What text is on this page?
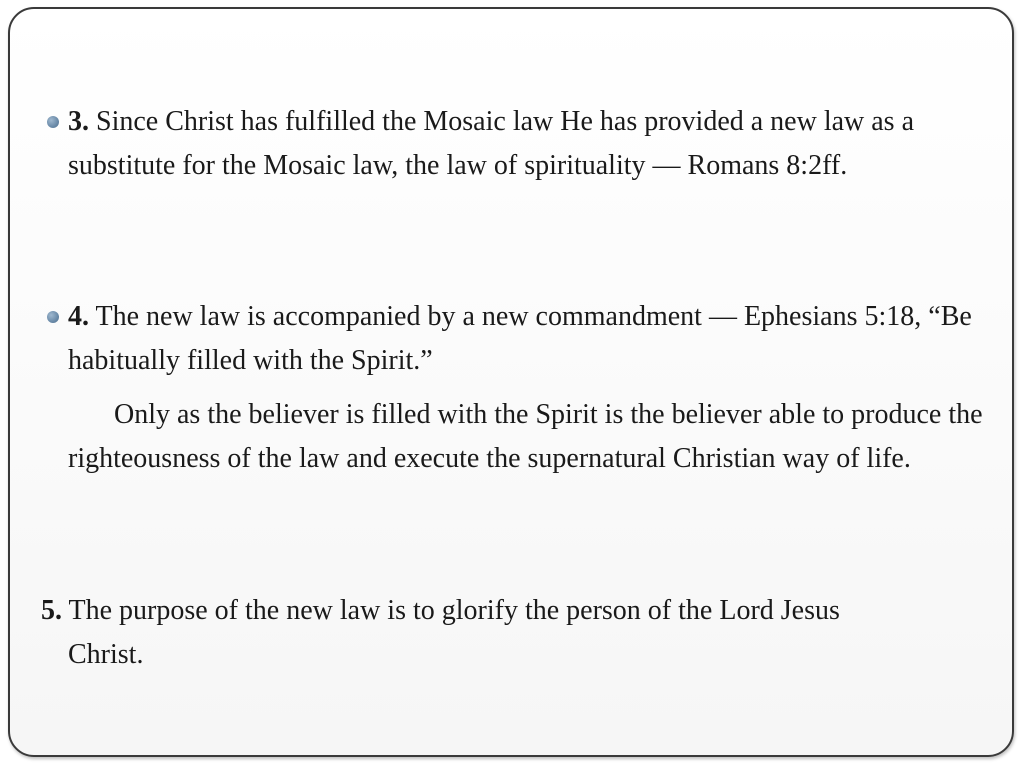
3. Since Christ has fulfilled the Mosaic law He has provided a new law as a substitute for the Mosaic law, the law of spirituality — Romans 8:2ff.

4. The new law is accompanied by a new commandment — Ephesians 5:18, “Be habitually filled with the Spirit.”

Only as the believer is filled with the Spirit is the believer able to produce the righteousness of the law and execute the supernatural Christian way of life.

5. The purpose of the new law is to glorify the person of the Lord Jesus
Christ.
